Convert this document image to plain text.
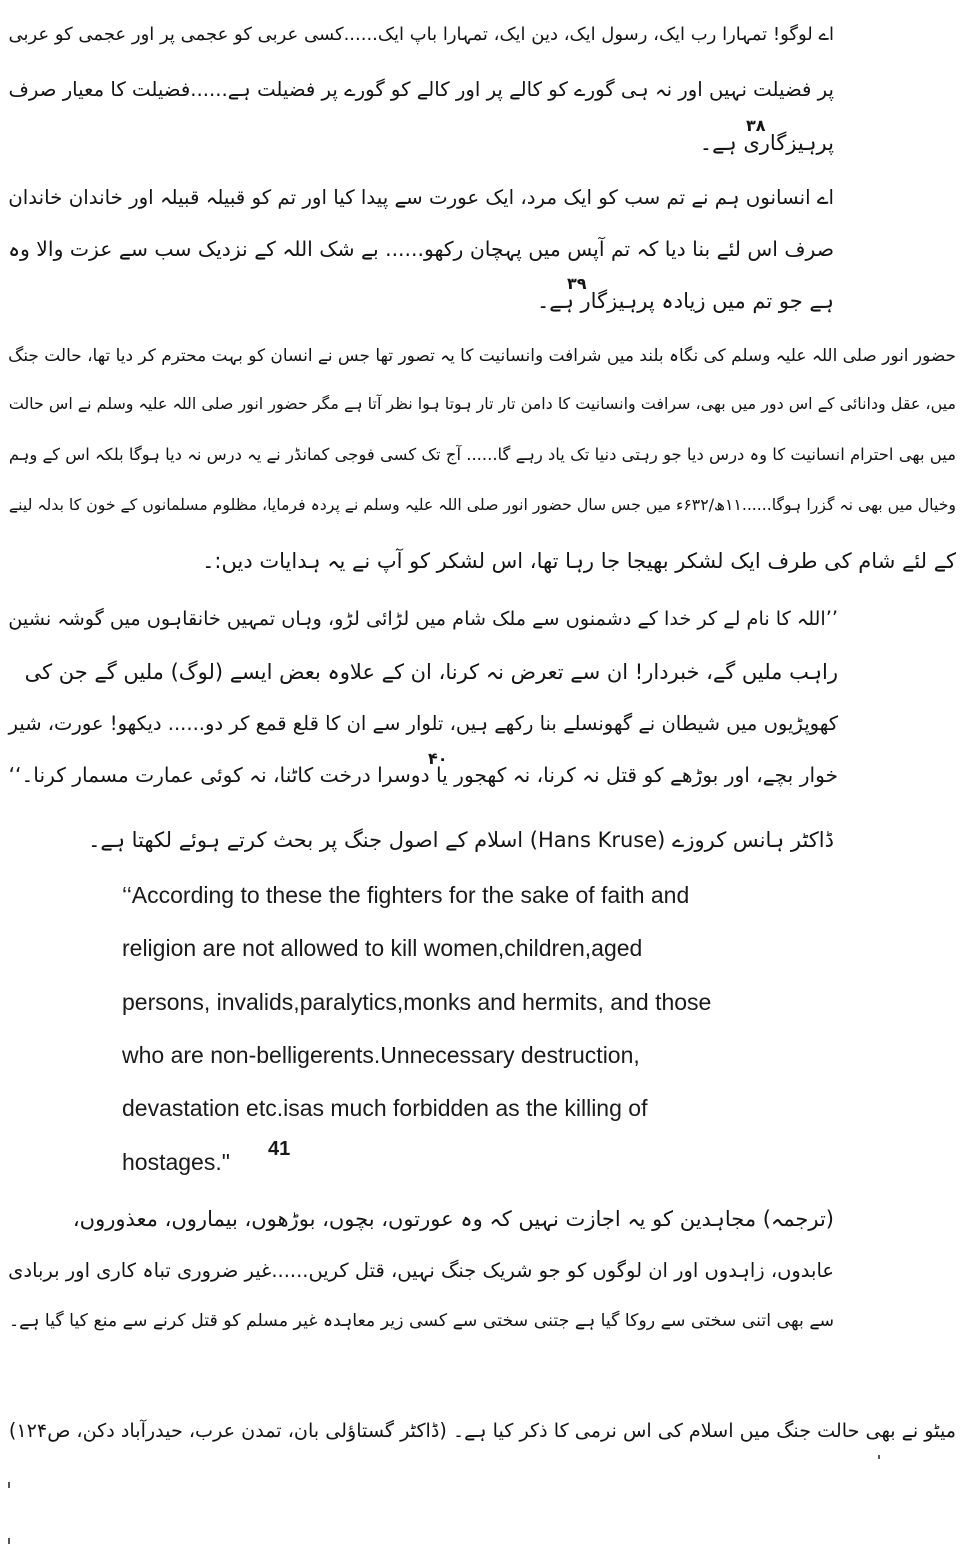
اے لوگو! تمہارا رب ایک، رسول ایک، دین ایک، تمہارا باپ ایک......کسی عربی کو عجمی پر اور عجمی کو عربی
پر فضیلت نہیں اور نہ ہی گورے کو کالے پر اور کالے کو گورے پر فضیلت ہے......فضیلت کا معیار صرف
پرہیزگاری ہے۔
۳۸
اے انسانوں ہم نے تم سب کو ایک مرد، ایک عورت سے پیدا کیا اور تم کو قبیلہ قبیلہ اور خاندان خاندان
صرف اس لئے بنا دیا کہ تم آپس میں پہچان رکھو...... بے شک اللہ کے نزدیک سب سے عزت والا وہ
ہے جو تم میں زیادہ پرہیزگار ہے۔
۳۹
حضور انور صلی اللہ علیہ وسلم کی نگاہ بلند میں شرافت وانسانیت کا یہ تصور تھا جس نے انسان کو بہت محترم کر دیا تھا، حالت جنگ
میں، عقل ودانائی کے اس دور میں بھی، سرافت وانسانیت کا دامن تار تار ہوتا ہوا نظر آتا ہے مگر حضور انور صلی اللہ علیہ وسلم نے اس حالت
میں بھی احترام انسانیت کا وہ درس دیا جو رہتی دنیا تک یاد رہے گا...... آج تک کسی فوجی کمانڈر نے یہ درس نہ دیا ہوگا بلکہ اس کے وہم
وخیال میں بھی نہ گزرا ہوگا......۱۱ھ/۶۳۲ء میں جس سال حضور انور صلی اللہ علیہ وسلم نے پردہ فرمایا، مظلوم مسلمانوں کے خون کا بدلہ لینے
کے لئے شام کی طرف ایک لشکر بھیجا جا رہا تھا، اس لشکر کو آپ نے یہ ہدایات دیں:۔
’’اللہ کا نام لے کر خدا کے دشمنوں سے ملک شام میں لڑائی لڑو، وہاں تمہیں خانقاہوں میں گوشہ نشین
راہب ملیں گے، خبردار! ان سے تعرض نہ کرنا، ان کے علاوہ بعض ایسے (لوگ) ملیں گے جن کی
کھوپڑیوں میں شیطان نے گھونسلے بنا رکھے ہیں، تلوار سے ان کا قلع قمع کر دو...... دیکھو! عورت، شیر
خوار بچے، اور بوڑھے کو قتل نہ کرنا، نہ کھجور یا دوسرا درخت کاٹنا، نہ کوئی عمارت مسمار کرنا۔‘‘
۴۰
ڈاکٹر ہانس کروزے (Hans Kruse) اسلام کے اصول جنگ پر بحث کرتے ہوئے لکھتا ہے۔
‘‘According to these the fighters for the sake of faith and
religion are not allowed to kill women,children,aged
persons, invalids,paralytics,monks and hermits, and those
who are non-belligerents.Unnecessary destruction,
devastation etc.isas much forbidden as the killing of
hostages." 41
(ترجمہ) مجاہدین کو یہ اجازت نہیں کہ وہ عورتوں، بچوں، بوڑھوں، بیماروں، معذوروں،
عابدوں، زاہدوں اور ان لوگوں کو جو شریک جنگ نہیں، قتل کریں......غیر ضروری تباہ کاری اور بربادی
سے بھی اتنی سختی سے روکا گیا ہے جتنی سختی سے کسی زیر معاہدہ غیر مسلم کو قتل کرنے سے منع کیا گیا ہے۔
میٹو نے بھی حالت جنگ میں اسلام کی اس نرمی کا ذکر کیا ہے۔ (ڈاکٹر گستاؤلی بان، تمدن عرب، حیدرآباد دکن، ص۱۲۴)
